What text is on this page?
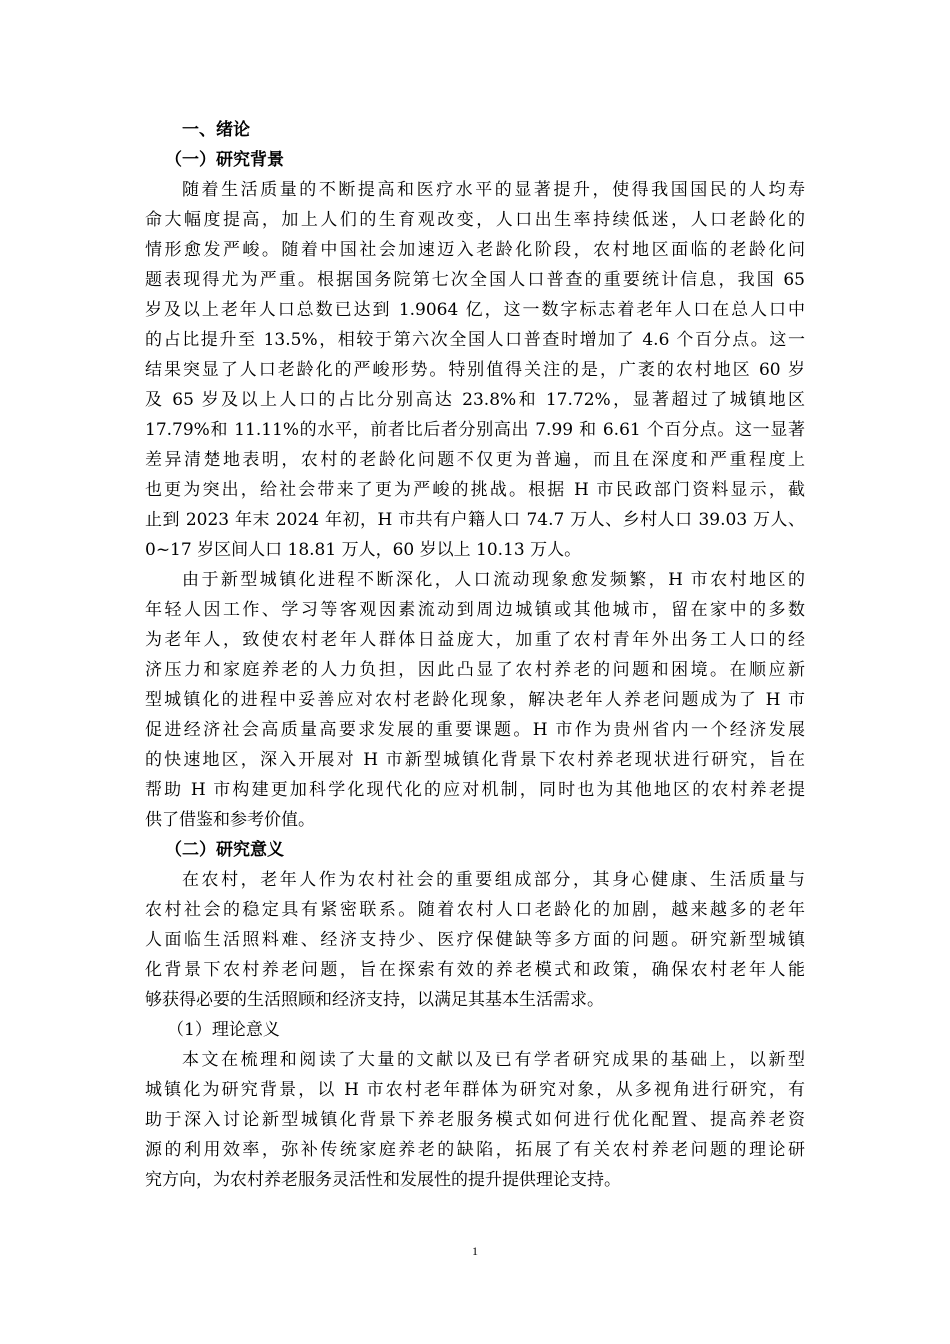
一、绪论
（一）研究背景
随着生活质量的不断提高和医疗水平的显著提升，使得我国国民的人均寿
命大幅度提高，加上人们的生育观改变，人口出生率持续低迷，人口老龄化的
情形愈发严峻。随着中国社会加速迈入老龄化阶段，农村地区面临的老龄化问
题表现得尤为严重。根据国务院第七次全国人口普查的重要统计信息，我国 65
岁及以上老年人口总数已达到 1.9064 亿，这一数字标志着老年人口在总人口中
的占比提升至 13.5%，相较于第六次全国人口普查时增加了 4.6 个百分点。这一
结果突显了人口老龄化的严峻形势。特别值得关注的是，广袤的农村地区 60 岁
及 65 岁及以上人口的占比分别高达 23.8%和 17.72%，显著超过了城镇地区
17.79%和 11.11%的水平，前者比后者分别高出 7.99 和 6.61 个百分点。这一显著
差异清楚地表明，农村的老龄化问题不仅更为普遍，而且在深度和严重程度上
也更为突出，给社会带来了更为严峻的挑战。根据 H 市民政部门资料显示，截
止到 2023 年末 2024 年初，H 市共有户籍人口 74.7 万人、乡村人口 39.03 万人、
0~17 岁区间人口 18.81 万人，60 岁以上 10.13 万人。
由于新型城镇化进程不断深化，人口流动现象愈发频繁，H 市农村地区的
年轻人因工作、学习等客观因素流动到周边城镇或其他城市，留在家中的多数
为老年人，致使农村老年人群体日益庞大，加重了农村青年外出务工人口的经
济压力和家庭养老的人力负担，因此凸显了农村养老的问题和困境。在顺应新
型城镇化的进程中妥善应对农村老龄化现象，解决老年人养老问题成为了 H 市
促进经济社会高质量高要求发展的重要课题。H 市作为贵州省内一个经济发展
的快速地区，深入开展对 H 市新型城镇化背景下农村养老现状进行研究，旨在
帮助 H 市构建更加科学化现代化的应对机制，同时也为其他地区的农村养老提
供了借鉴和参考价值。
（二）研究意义
在农村，老年人作为农村社会的重要组成部分，其身心健康、生活质量与
农村社会的稳定具有紧密联系。随着农村人口老龄化的加剧，越来越多的老年
人面临生活照料难、经济支持少、医疗保健缺等多方面的问题。研究新型城镇
化背景下农村养老问题，旨在探索有效的养老模式和政策，确保农村老年人能
够获得必要的生活照顾和经济支持，以满足其基本生活需求。
（1）理论意义
本文在梳理和阅读了大量的文献以及已有学者研究成果的基础上，以新型
城镇化为研究背景，以 H 市农村老年群体为研究对象，从多视角进行研究，有
助于深入讨论新型城镇化背景下养老服务模式如何进行优化配置、提高养老资
源的利用效率，弥补传统家庭养老的缺陷，拓展了有关农村养老问题的理论研
究方向，为农村养老服务灵活性和发展性的提升提供理论支持。
1
